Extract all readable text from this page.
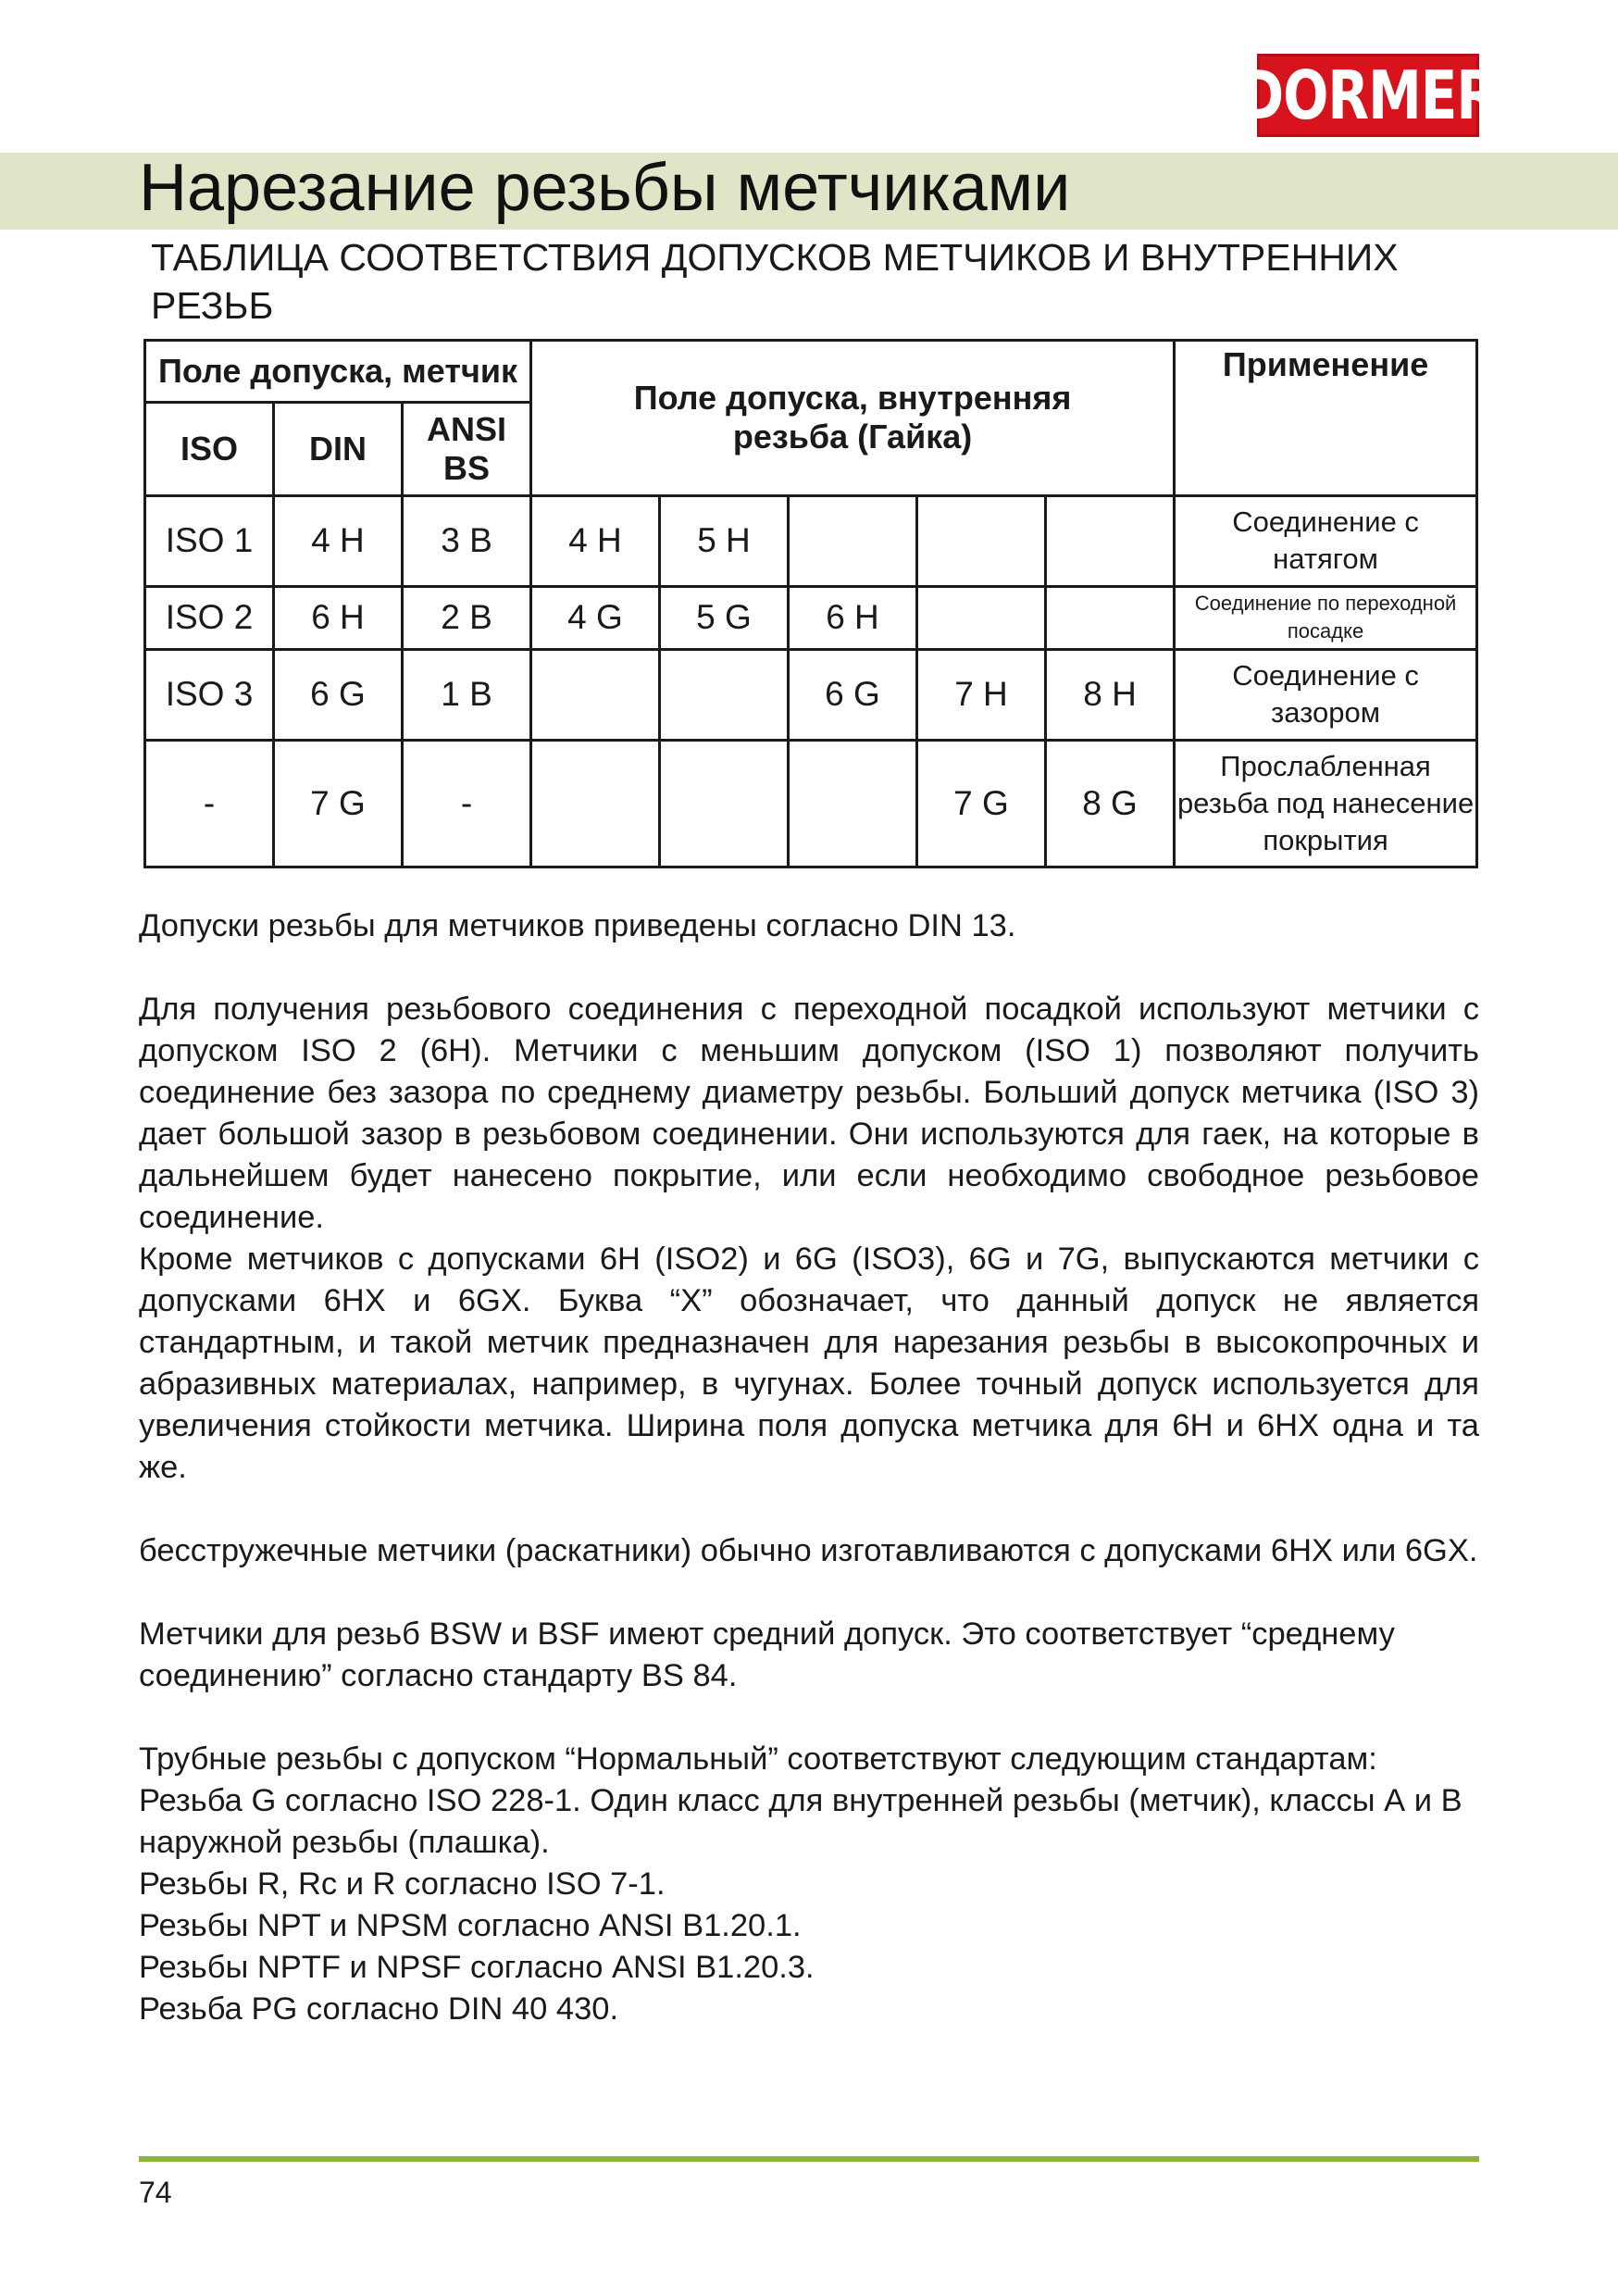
DORMER
Нарезание резьбы метчиками
ТАБЛИЦА СООТВЕТСТВИЯ ДОПУСКОВ МЕТЧИКОВ И ВНУТРЕННИХ РЕЗЬБ
Поле допуска, метчик			Поле допуска, внутренняя резьба (Гайка)					Применение
ISO	DIN	ANSI BS						
ISO 1	4 H	3 B	4 H	5 H				Соединение с натягом
ISO 2	6 H	2 B	4 G	5 G	6 H			Соединение по переходной посадке
ISO 3	6 G	1 B			6 G	7 H	8 H	Соединение с зазором
-	7 G	-				7 G	8 G	Прослабленная резьба под нанесение покрытия

Допуски резьбы для метчиков приведены согласно DIN 13.

Для получения резьбового соединения с переходной посадкой используют метчики с допуском ISO 2 (6H). Метчики с меньшим допуском (ISO 1) позволяют получить соединение без зазора по среднему диаметру резьбы. Больший допуск метчика (ISO 3) дает большой зазор в резьбовом соединении. Они используются для гаек, на которые в дальнейшем будет нанесено покрытие, или если необходимо свободное резьбовое соединение.

Кроме метчиков с допусками 6H (ISO2) и 6G (ISO3), 6G и 7G, выпускаются метчики с допусками 6HX и 6GX. Буква “X” обозначает, что данный допуск не является стандартным, и такой метчик предназначен для нарезания резьбы в высокопрочных и абразивных материалах, например, в чугунах. Более точный допуск используется для увеличения стойкости метчика. Ширина поля допуска метчика для 6H и 6HX одна и та же.

бесстружечные метчики (раскатники) обычно изготавливаются с допусками 6HX или 6GX.

Метчики для резьб BSW и BSF имеют средний допуск. Это соответствует “среднему соединению” согласно стандарту BS 84.

Трубные резьбы с допуском “Нормальный” соответствуют следующим стандартам:

Резьба G согласно ISO 228-1. Один класс для внутренней резьбы (метчик), классы А и В наружной резьбы (плашка).

Резьбы R, Rc и R согласно ISO 7-1.

Резьбы NPT и NPSM согласно ANSI B1.20.1.

Резьбы NPTF и NPSF согласно ANSI B1.20.3.

Резьба PG согласно DIN 40 430.

74
